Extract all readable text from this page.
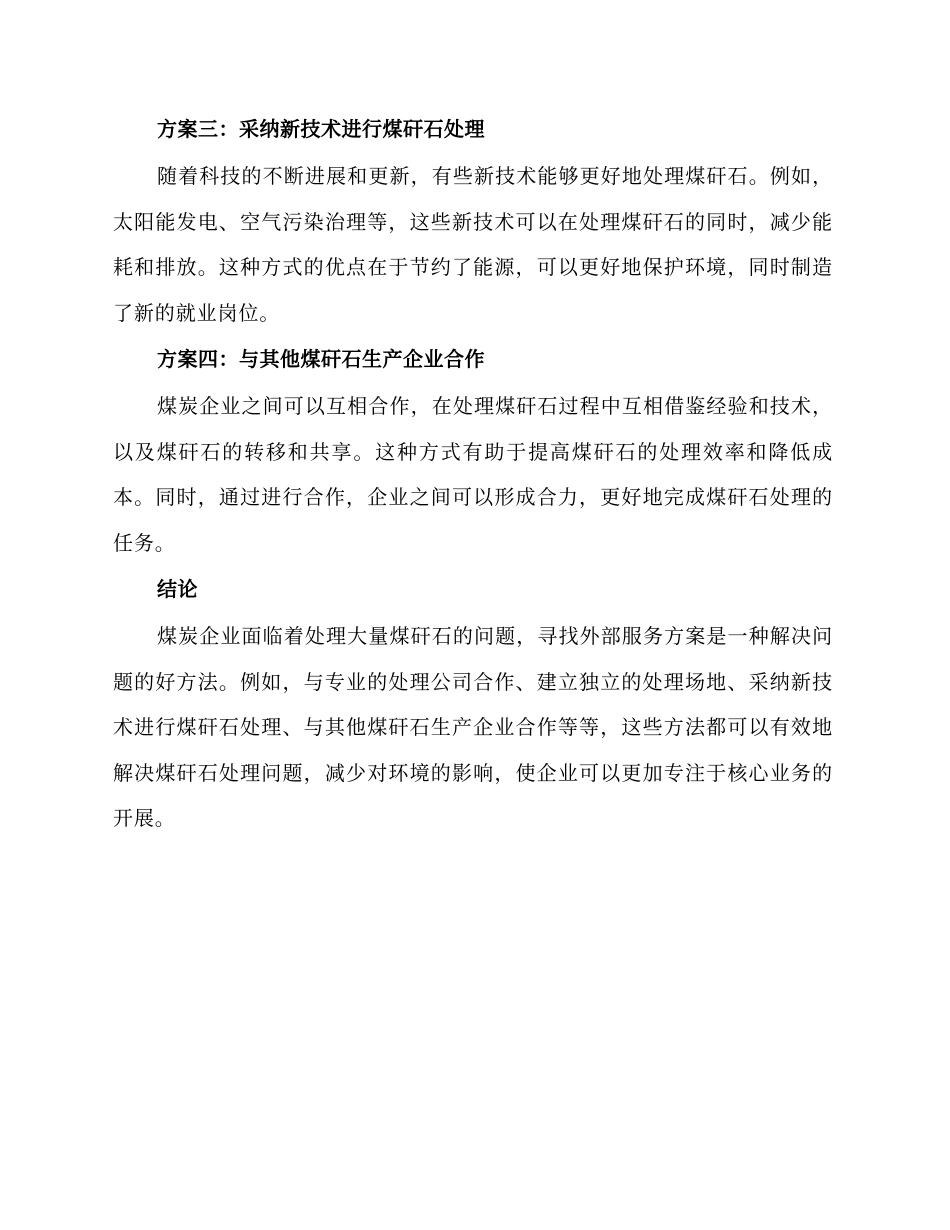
方案三：采纳新技术进行煤矸石处理

随着科技的不断进展和更新，有些新技术能够更好地处理煤矸石。例如，太阳能发电、空气污染治理等，这些新技术可以在处理煤矸石的同时，减少能耗和排放。这种方式的优点在于节约了能源，可以更好地保护环境，同时制造了新的就业岗位。

方案四：与其他煤矸石生产企业合作

煤炭企业之间可以互相合作，在处理煤矸石过程中互相借鉴经验和技术，以及煤矸石的转移和共享。这种方式有助于提高煤矸石的处理效率和降低成本。同时，通过进行合作，企业之间可以形成合力，更好地完成煤矸石处理的任务。

结论

煤炭企业面临着处理大量煤矸石的问题，寻找外部服务方案是一种解决问题的好方法。例如，与专业的处理公司合作、建立独立的处理场地、采纳新技术进行煤矸石处理、与其他煤矸石生产企业合作等等，这些方法都可以有效地解决煤矸石处理问题，减少对环境的影响，使企业可以更加专注于核心业务的开展。
